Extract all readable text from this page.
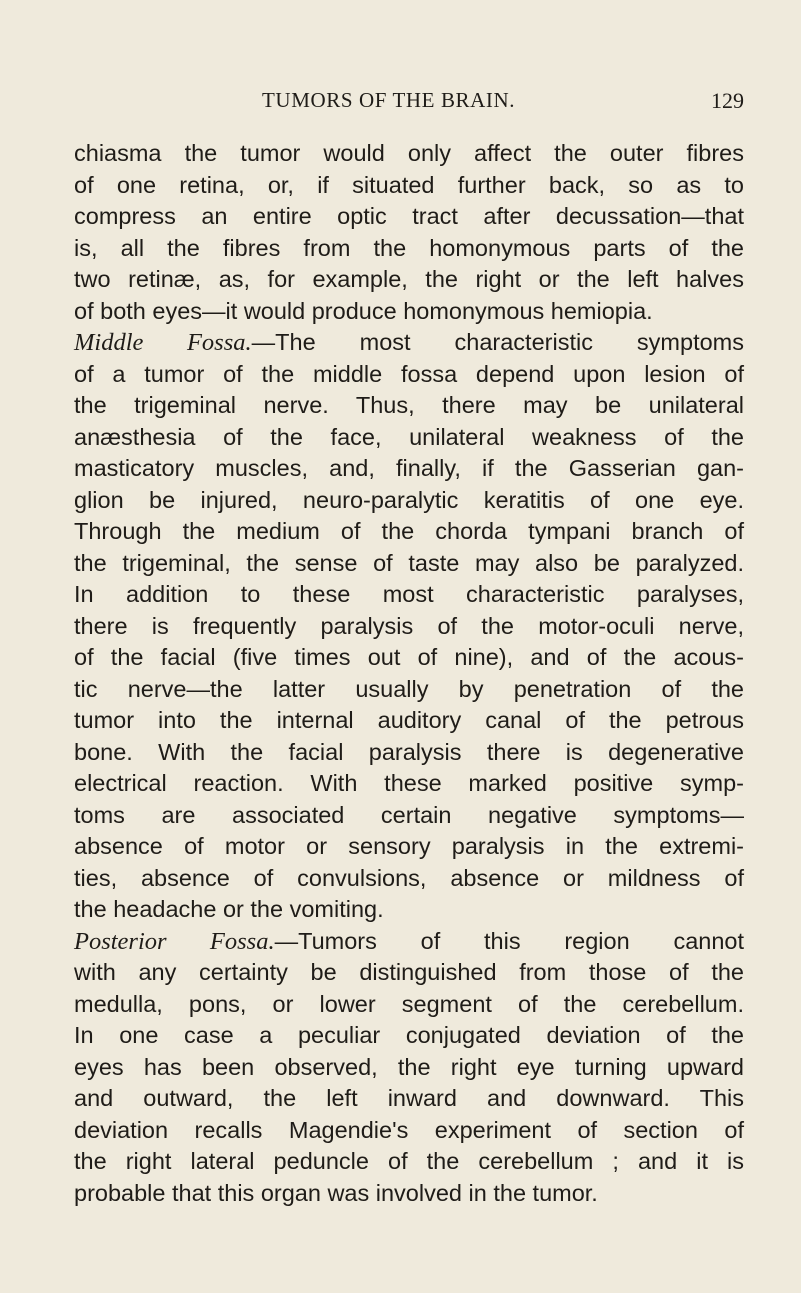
TUMORS OF THE BRAIN.	129
chiasma the tumor would only affect the outer fibres
of one retina, or, if situated further back, so as to
compress an entire optic tract after decussation—that
is, all the fibres from the homonymous parts of the
two retinæ, as, for example, the right or the left halves
of both eyes—it would produce homonymous hemiopia.
Middle Fossa.—The most characteristic symptoms
of a tumor of the middle fossa depend upon lesion of
the trigeminal nerve. Thus, there may be unilateral
anæsthesia of the face, unilateral weakness of the
masticatory muscles, and, finally, if the Gasserian gan-
glion be injured, neuro-paralytic keratitis of one eye.
Through the medium of the chorda tympani branch of
the trigeminal, the sense of taste may also be paralyzed.
In addition to these most characteristic paralyses,
there is frequently paralysis of the motor-oculi nerve,
of the facial (five times out of nine), and of the acous-
tic nerve—the latter usually by penetration of the
tumor into the internal auditory canal of the petrous
bone. With the facial paralysis there is degenerative
electrical reaction. With these marked positive symp-
toms are associated certain negative symptoms—
absence of motor or sensory paralysis in the extremi-
ties, absence of convulsions, absence or mildness of
the headache or the vomiting.
Posterior Fossa.—Tumors of this region cannot
with any certainty be distinguished from those of the
medulla, pons, or lower segment of the cerebellum.
In one case a peculiar conjugated deviation of the
eyes has been observed, the right eye turning upward
and outward, the left inward and downward. This
deviation recalls Magendie's experiment of section of
the right lateral peduncle of the cerebellum ; and it is
probable that this organ was involved in the tumor.
